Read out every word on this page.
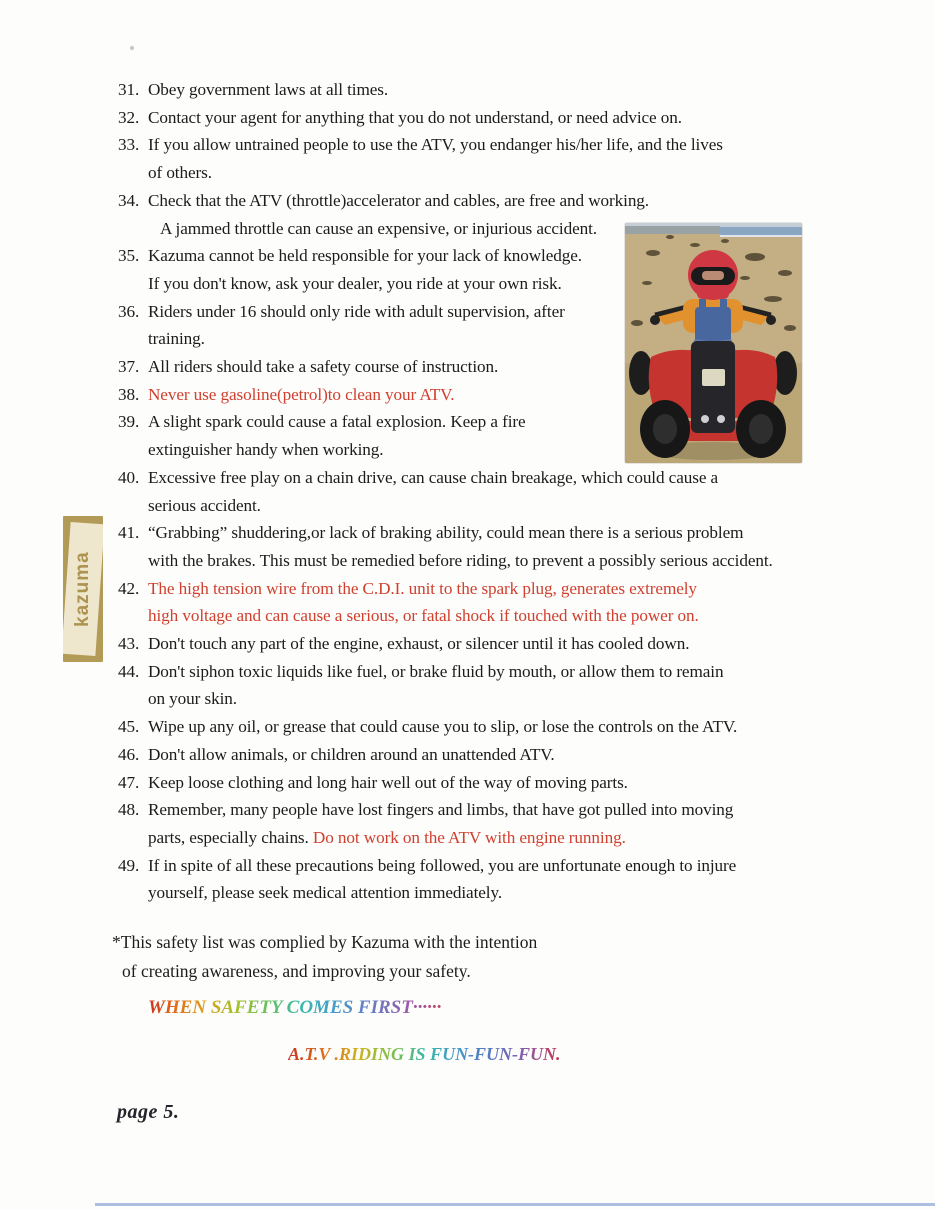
31. Obey government laws at all times.
32. Contact your agent for anything that you do not understand, or need advice on.
33. If you allow untrained people to use the ATV, you endanger his/her life, and the lives
of others.
34. Check that the ATV (throttle)accelerator and cables, are free and working.
A jammed throttle can cause an expensive, or injurious accident.
35. Kazuma cannot be held responsible for your lack of knowledge.
If you don't know, ask your dealer, you ride at your own risk.
36. Riders under 16 should only ride with adult supervision, after
training.
37. All riders should take a safety course of instruction.
38. Never use gasoline(petrol)to clean your ATV.
39. A slight spark could cause a fatal explosion. Keep a fire
extinguisher handy when working.
40. Excessive free play on a chain drive, can cause chain breakage, which could cause a
serious accident.
41. “Grabbing” shuddering,or lack of braking ability, could mean there is a serious problem
with the brakes. This must be remedied before riding, to prevent a possibly serious accident.
42. The high tension wire from the C.D.I. unit to the spark plug, generates extremely
high voltage and can cause a serious, or fatal shock if touched with the power on.
43. Don't touch any part of the engine, exhaust, or silencer until it has cooled down.
44. Don't siphon toxic liquids like fuel, or brake fluid by mouth, or allow them to remain
on your skin.
45. Wipe up any oil, or grease that could cause you to slip, or lose the controls on the ATV.
46. Don't allow animals, or children around an unattended ATV.
47. Keep loose clothing and long hair well out of the way of moving parts.
48. Remember, many people have lost fingers and limbs, that have got pulled into moving
parts, especially chains. Do not work on the ATV with engine running.
49. If in spite of all these precautions being followed, you are unfortunate enough to injure
yourself, please seek medical attention immediately.
kazuma
*This safety list was complied by Kazuma with the intention
of creating awareness, and improving your safety.
WHEN SAFETY COMES FIRST······
A.T.V .RIDING IS FUN-FUN-FUN.
page 5.
